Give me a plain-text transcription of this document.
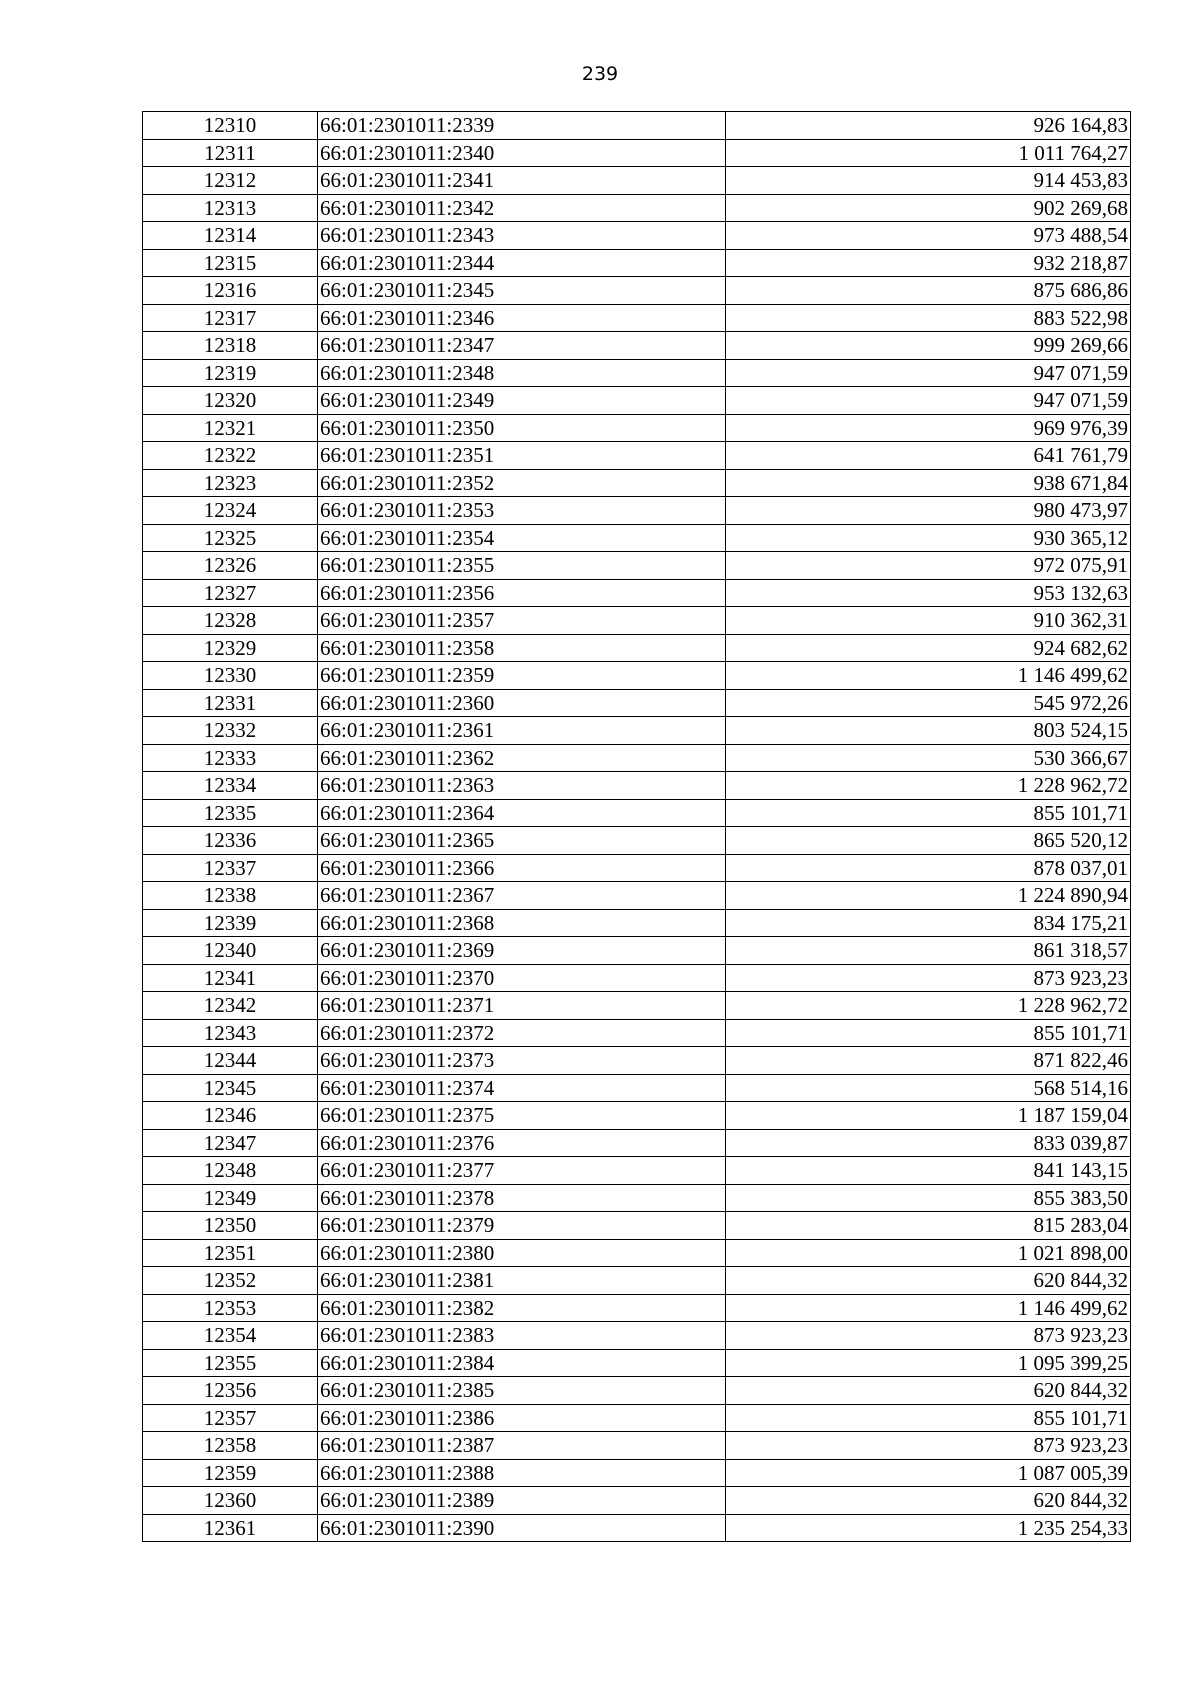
239
12310	66:01:2301011:2339	926 164,83
12311	66:01:2301011:2340	1 011 764,27
12312	66:01:2301011:2341	914 453,83
12313	66:01:2301011:2342	902 269,68
12314	66:01:2301011:2343	973 488,54
12315	66:01:2301011:2344	932 218,87
12316	66:01:2301011:2345	875 686,86
12317	66:01:2301011:2346	883 522,98
12318	66:01:2301011:2347	999 269,66
12319	66:01:2301011:2348	947 071,59
12320	66:01:2301011:2349	947 071,59
12321	66:01:2301011:2350	969 976,39
12322	66:01:2301011:2351	641 761,79
12323	66:01:2301011:2352	938 671,84
12324	66:01:2301011:2353	980 473,97
12325	66:01:2301011:2354	930 365,12
12326	66:01:2301011:2355	972 075,91
12327	66:01:2301011:2356	953 132,63
12328	66:01:2301011:2357	910 362,31
12329	66:01:2301011:2358	924 682,62
12330	66:01:2301011:2359	1 146 499,62
12331	66:01:2301011:2360	545 972,26
12332	66:01:2301011:2361	803 524,15
12333	66:01:2301011:2362	530 366,67
12334	66:01:2301011:2363	1 228 962,72
12335	66:01:2301011:2364	855 101,71
12336	66:01:2301011:2365	865 520,12
12337	66:01:2301011:2366	878 037,01
12338	66:01:2301011:2367	1 224 890,94
12339	66:01:2301011:2368	834 175,21
12340	66:01:2301011:2369	861 318,57
12341	66:01:2301011:2370	873 923,23
12342	66:01:2301011:2371	1 228 962,72
12343	66:01:2301011:2372	855 101,71
12344	66:01:2301011:2373	871 822,46
12345	66:01:2301011:2374	568 514,16
12346	66:01:2301011:2375	1 187 159,04
12347	66:01:2301011:2376	833 039,87
12348	66:01:2301011:2377	841 143,15
12349	66:01:2301011:2378	855 383,50
12350	66:01:2301011:2379	815 283,04
12351	66:01:2301011:2380	1 021 898,00
12352	66:01:2301011:2381	620 844,32
12353	66:01:2301011:2382	1 146 499,62
12354	66:01:2301011:2383	873 923,23
12355	66:01:2301011:2384	1 095 399,25
12356	66:01:2301011:2385	620 844,32
12357	66:01:2301011:2386	855 101,71
12358	66:01:2301011:2387	873 923,23
12359	66:01:2301011:2388	1 087 005,39
12360	66:01:2301011:2389	620 844,32
12361	66:01:2301011:2390	1 235 254,33
